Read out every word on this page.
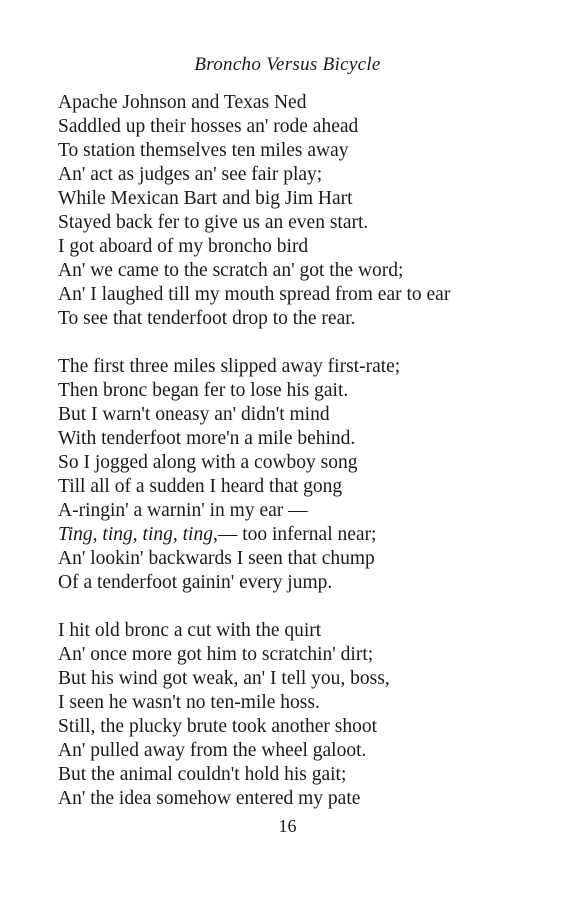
Broncho Versus Bicycle
Apache Johnson and Texas Ned
Saddled up their hosses an' rode ahead
To station themselves ten miles away
An' act as judges an' see fair play;
While Mexican Bart and big Jim Hart
Stayed back fer to give us an even start.
I got aboard of my broncho bird
An' we came to the scratch an' got the word;
An' I laughed till my mouth spread from ear to ear
To see that tenderfoot drop to the rear.
The first three miles slipped away first-rate;
Then bronc began fer to lose his gait.
But I warn't oneasy an' didn't mind
With tenderfoot more'n a mile behind.
So I jogged along with a cowboy song
Till all of a sudden I heard that gong
A-ringin' a warnin' in my ear —
Ting, ting, ting, ting,— too infernal near;
An' lookin' backwards I seen that chump
Of a tenderfoot gainin' every jump.
I hit old bronc a cut with the quirt
An' once more got him to scratchin' dirt;
But his wind got weak, an' I tell you, boss,
I seen he wasn't no ten-mile hoss.
Still, the plucky brute took another shoot
An' pulled away from the wheel galoot.
But the animal couldn't hold his gait;
An' the idea somehow entered my pate
16
